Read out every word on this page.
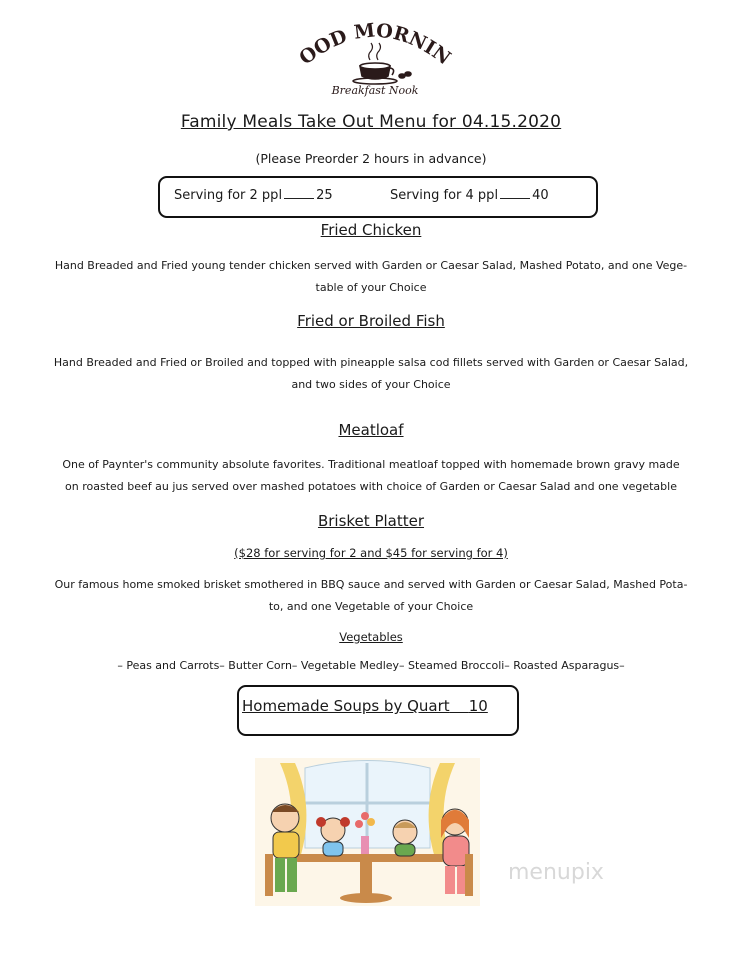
OOD MORNIN
Breakfast Nook
Family Meals Take Out Menu for 04.15.2020
(Please Preorder 2 hours in advance)
Serving for 2 ppl	25	Serving for 4 ppl	40
Fried Chicken
Hand Breaded and Fried young tender chicken served with Garden or Caesar Salad, Mashed Potato, and one Vege-
table of your Choice
Fried or Broiled Fish
Hand Breaded and Fried or Broiled and topped with pineapple salsa cod fillets served with Garden or Caesar Salad,
and two sides of your Choice
Meatloaf
One of Paynter's community absolute favorites. Traditional meatloaf topped with homemade brown gravy made
on roasted beef au jus served over mashed potatoes with choice of Garden or Caesar Salad and one vegetable
Brisket Platter
($28 for serving for 2 and $45 for serving for 4)
Our famous home smoked brisket smothered in BBQ sauce and served with Garden or Caesar Salad, Mashed Pota-
to, and one Vegetable of your Choice
Vegetables
– Peas and Carrots– Butter Corn– Vegetable Medley– Steamed Broccoli– Roasted Asparagus–
Homemade Soups by Quart 10
menupix
